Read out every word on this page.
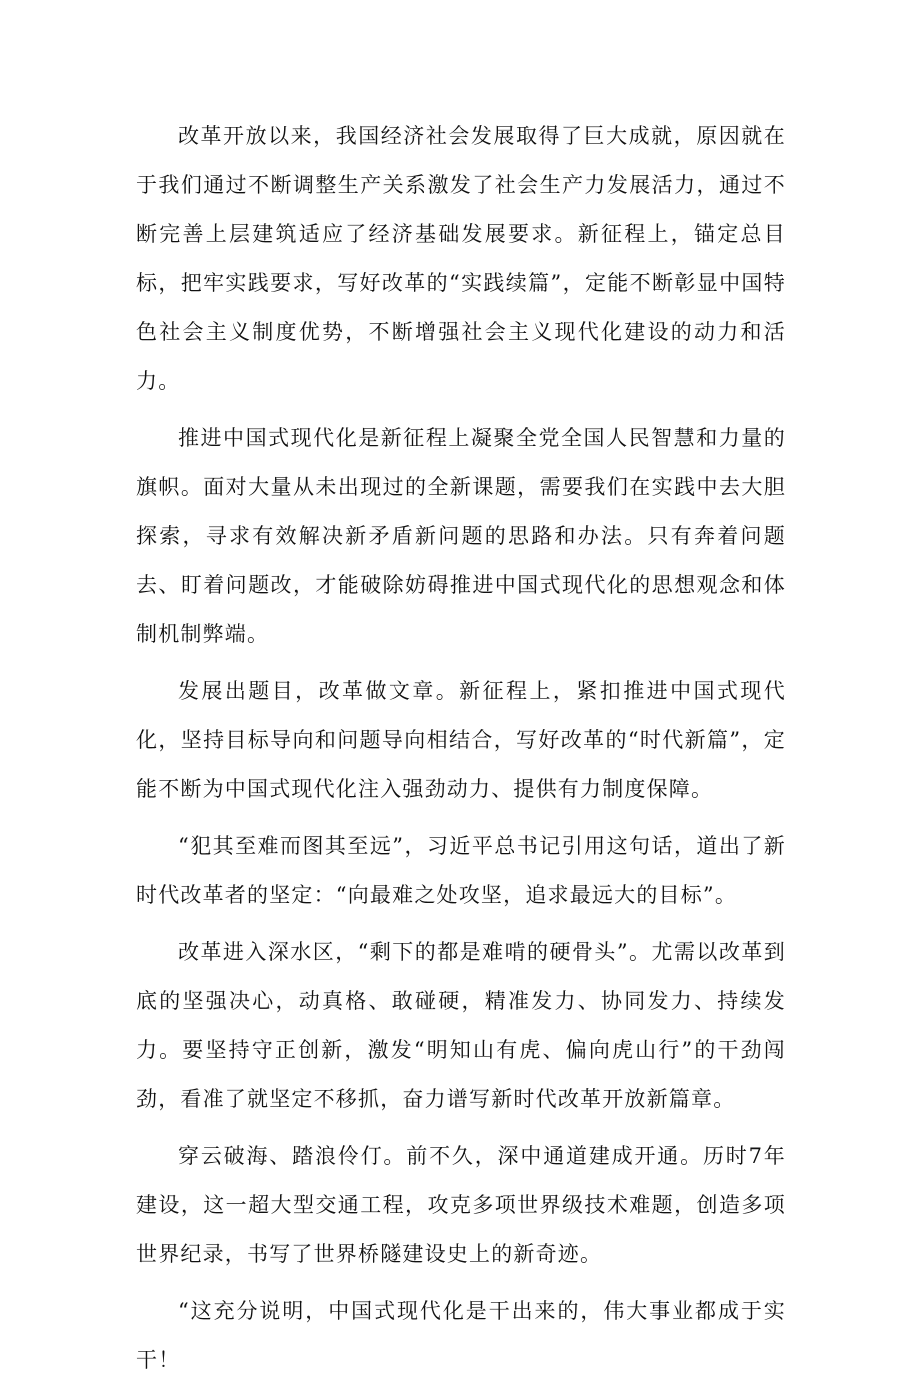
改革开放以来，我国经济社会发展取得了巨大成就，原因就在于我们通过不断调整生产关系激发了社会生产力发展活力，通过不断完善上层建筑适应了经济基础发展要求。新征程上，锚定总目标，把牢实践要求，写好改革的“实践续篇”，定能不断彰显中国特色社会主义制度优势，不断增强社会主义现代化建设的动力和活力。

推进中国式现代化是新征程上凝聚全党全国人民智慧和力量的旗帜。面对大量从未出现过的全新课题，需要我们在实践中去大胆探索，寻求有效解决新矛盾新问题的思路和办法。只有奔着问题去、盯着问题改，才能破除妨碍推进中国式现代化的思想观念和体制机制弊端。

发展出题目，改革做文章。新征程上，紧扣推进中国式现代化，坚持目标导向和问题导向相结合，写好改革的“时代新篇”，定能不断为中国式现代化注入强劲动力、提供有力制度保障。

“犯其至难而图其至远”，习近平总书记引用这句话，道出了新时代改革者的坚定：“向最难之处攻坚，追求最远大的目标”。

改革进入深水区，“剩下的都是难啃的硬骨头”。尤需以改革到底的坚强决心，动真格、敢碰硬，精准发力、协同发力、持续发力。要坚持守正创新，激发“明知山有虎、偏向虎山行”的干劲闯劲，看准了就坚定不移抓，奋力谱写新时代改革开放新篇章。

穿云破海、踏浪伶仃。前不久，深中通道建成开通。历时7年建设，这一超大型交通工程，攻克多项世界级技术难题，创造多项世界纪录，书写了世界桥隧建设史上的新奇迹。

“这充分说明，中国式现代化是干出来的，伟大事业都成于实干！
